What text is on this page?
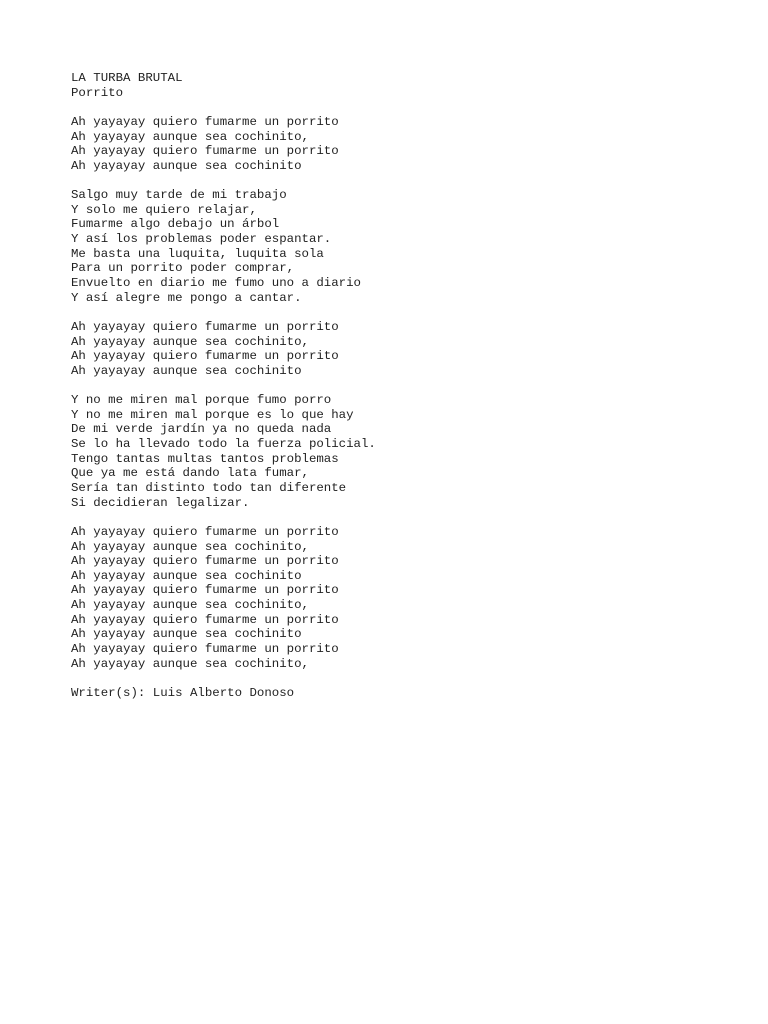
LA TURBA BRUTAL
Porrito
Ah yayayay quiero fumarme un porrito
Ah yayayay aunque sea cochinito,
Ah yayayay quiero fumarme un porrito
Ah yayayay aunque sea cochinito
Salgo muy tarde de mi trabajo
Y solo me quiero relajar,
Fumarme algo debajo un árbol
Y así los problemas poder espantar.
Me basta una luquita, luquita sola
Para un porrito poder comprar,
Envuelto en diario me fumo uno a diario
Y así alegre me pongo a cantar.
Ah yayayay quiero fumarme un porrito
Ah yayayay aunque sea cochinito,
Ah yayayay quiero fumarme un porrito
Ah yayayay aunque sea cochinito
Y no me miren mal porque fumo porro
Y no me miren mal porque es lo que hay
De mi verde jardín ya no queda nada
Se lo ha llevado todo la fuerza policial.
Tengo tantas multas tantos problemas
Que ya me está dando lata fumar,
Sería tan distinto todo tan diferente
Si decidieran legalizar.
Ah yayayay quiero fumarme un porrito
Ah yayayay aunque sea cochinito,
Ah yayayay quiero fumarme un porrito
Ah yayayay aunque sea cochinito
Ah yayayay quiero fumarme un porrito
Ah yayayay aunque sea cochinito,
Ah yayayay quiero fumarme un porrito
Ah yayayay aunque sea cochinito
Ah yayayay quiero fumarme un porrito
Ah yayayay aunque sea cochinito,
Writer(s): Luis Alberto Donoso
